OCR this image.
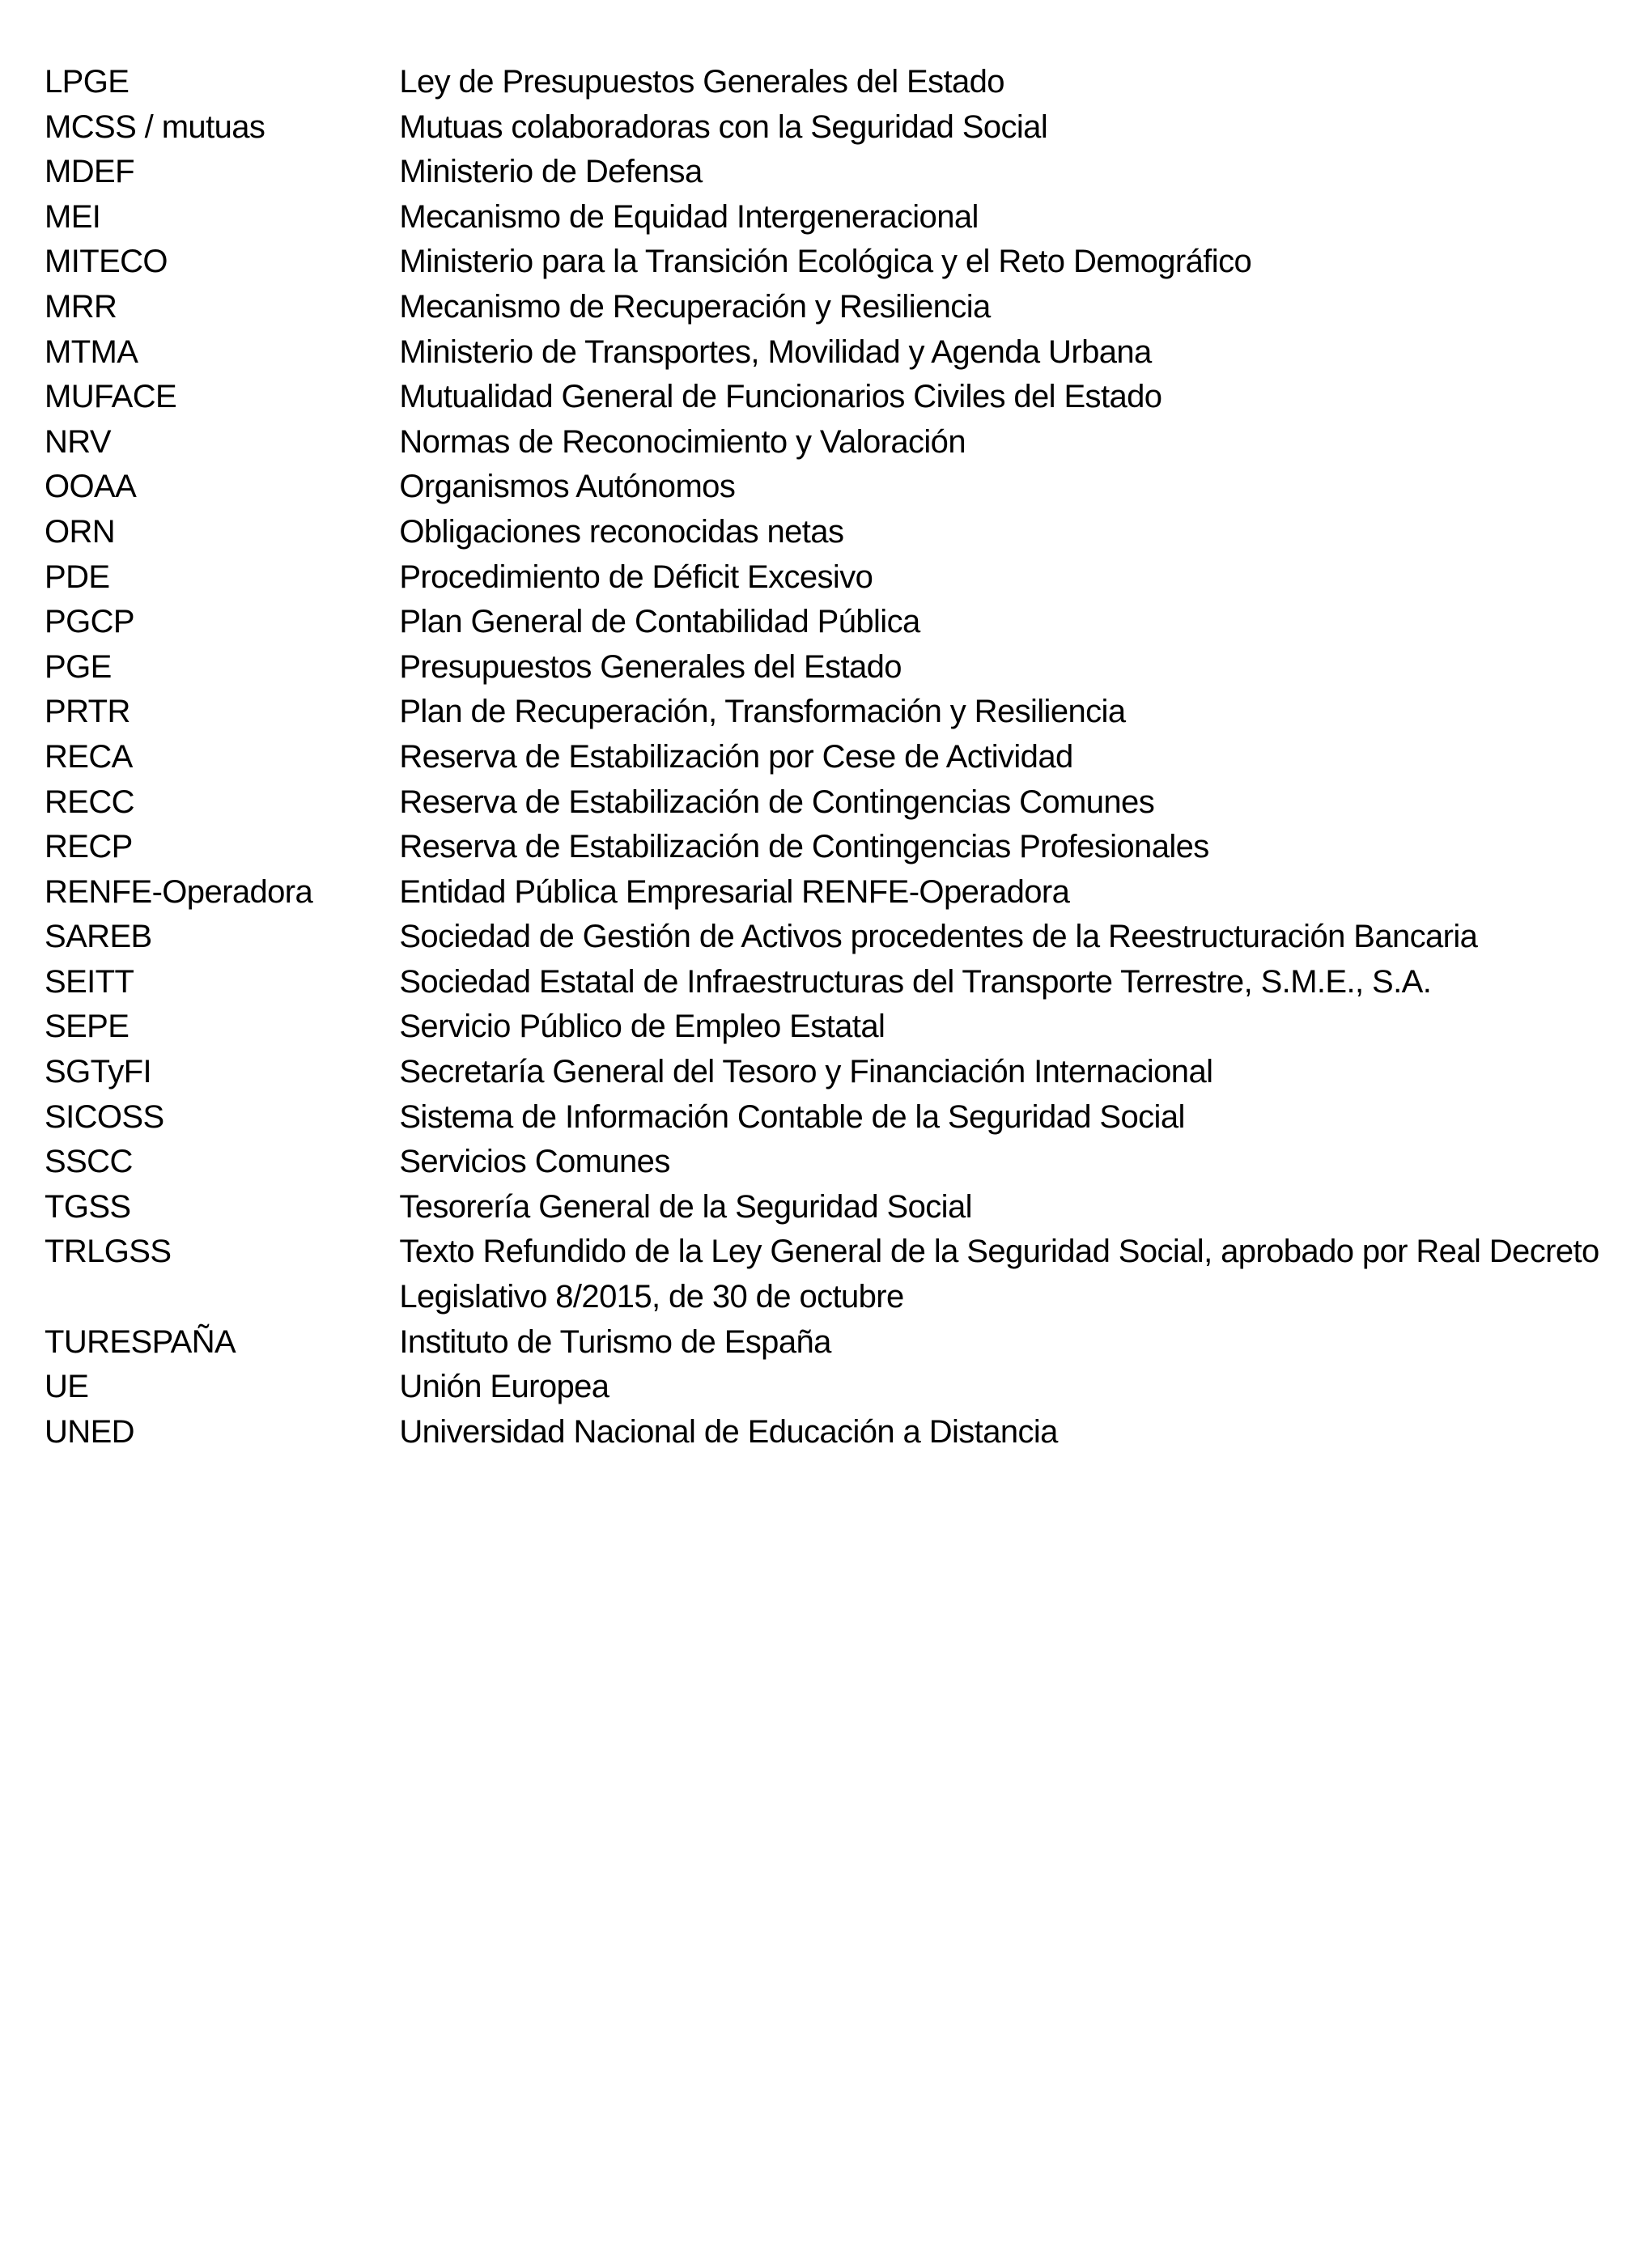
LPGE	Ley de Presupuestos Generales del Estado
MCSS / mutuas	Mutuas colaboradoras con la Seguridad Social
MDEF	Ministerio de Defensa
MEI	Mecanismo de Equidad Intergeneracional
MITECO	Ministerio para la Transición Ecológica y el Reto Demográfico
MRR	Mecanismo de Recuperación y Resiliencia
MTMA	Ministerio de Transportes, Movilidad y Agenda Urbana
MUFACE	Mutualidad General de Funcionarios Civiles del Estado
NRV	Normas de Reconocimiento y Valoración
OOAA	Organismos Autónomos
ORN	Obligaciones reconocidas netas
PDE	Procedimiento de Déficit Excesivo
PGCP	Plan General de Contabilidad Pública
PGE	Presupuestos Generales del Estado
PRTR	Plan de Recuperación, Transformación y Resiliencia
RECA	Reserva de Estabilización por Cese de Actividad
RECC	Reserva de Estabilización de Contingencias Comunes
RECP	Reserva de Estabilización de Contingencias Profesionales
RENFE-Operadora	Entidad Pública Empresarial RENFE-Operadora
SAREB	Sociedad de Gestión de Activos procedentes de la Reestructuración Bancaria
SEITT	Sociedad Estatal de Infraestructuras del Transporte Terrestre, S.M.E., S.A.
SEPE	Servicio Público de Empleo Estatal
SGTyFI	Secretaría General del Tesoro y Financiación Internacional
SICOSS	Sistema de Información Contable de la Seguridad Social
SSCC	Servicios Comunes
TGSS	Tesorería General de la Seguridad Social
TRLGSS	Texto Refundido de la Ley General de la Seguridad Social, aprobado por Real Decreto Legislativo 8/2015, de 30 de octubre
TURESPAÑA	Instituto de Turismo de España
UE	Unión Europea
UNED	Universidad Nacional de Educación a Distancia
